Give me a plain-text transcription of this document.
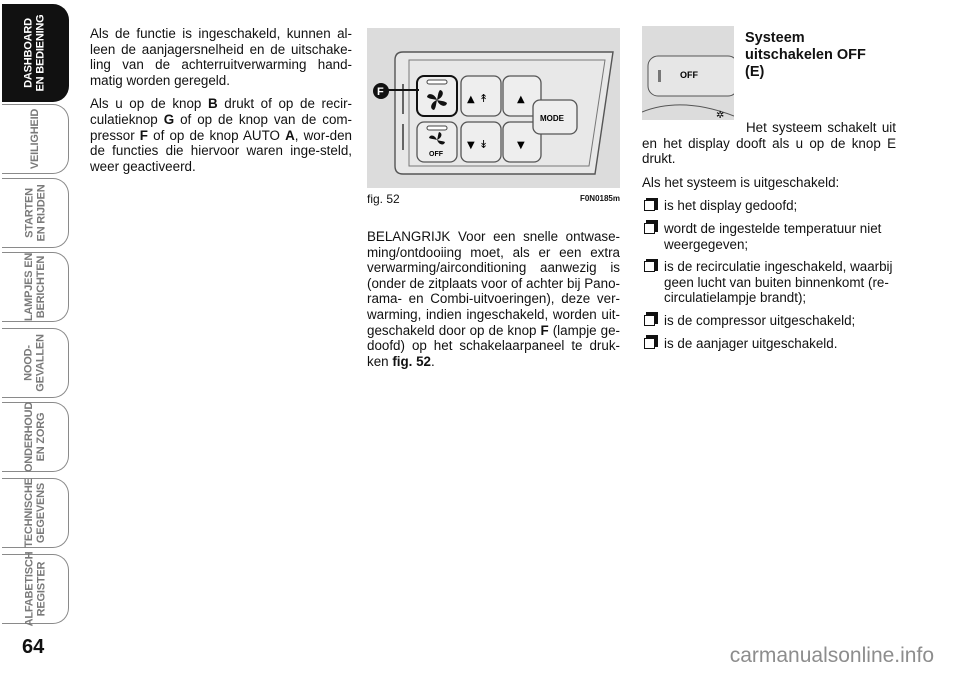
DASHBOARD
EN BEDIENING
VEILIGHEID
STARTEN
EN RIJDEN
LAMPJES EN
BERICHTEN
NOOD-
GEVALLEN
ONDERHOUD
EN ZORG
TECHNISCHE
GEGEVENS
ALFABETISCH
REGISTER
64

Als de functie is ingeschakeld, kunnen al-leen de aanjagersnelheid en de uitschake-ling van de achterruitverwarming hand-matig worden geregeld.

Als u op de knop B drukt of op de recir-culatieknop G of op de knop van de com-pressor F of op de knop AUTO A, wor-den de functies die hiervoor waren inge-steld, weer geactiveerd.

OFF
▲ ↟
▼ ↡
▲
▼
MODE
F
fig. 52	F0N0185m

BELANGRIJK Voor een snelle ontwase-ming/ontdooiing moet, als er een extra verwarming/airconditioning aanwezig is (onder de zitplaats voor of achter bij Pano-rama- en Combi-uitvoeringen), deze ver-warming, indien ingeschakeld, worden uit-geschakeld door op de knop F (lampje ge-doofd) op het schakelaarpaneel te druk-ken fig. 52.

OFF
✲
Systeem uitschakelen OFF (E)

Het systeem schakelt uit en het display dooft als u op de knop E drukt.

Als het systeem is uitgeschakeld:

is het display gedoofd;
wordt de ingestelde temperatuur niet weergegeven;
is de recirculatie ingeschakeld, waarbij geen lucht van buiten binnenkomt (re-circulatielampje brandt);
is de compressor uitgeschakeld;
is de aanjager uitgeschakeld.
carmanualsonline.info
